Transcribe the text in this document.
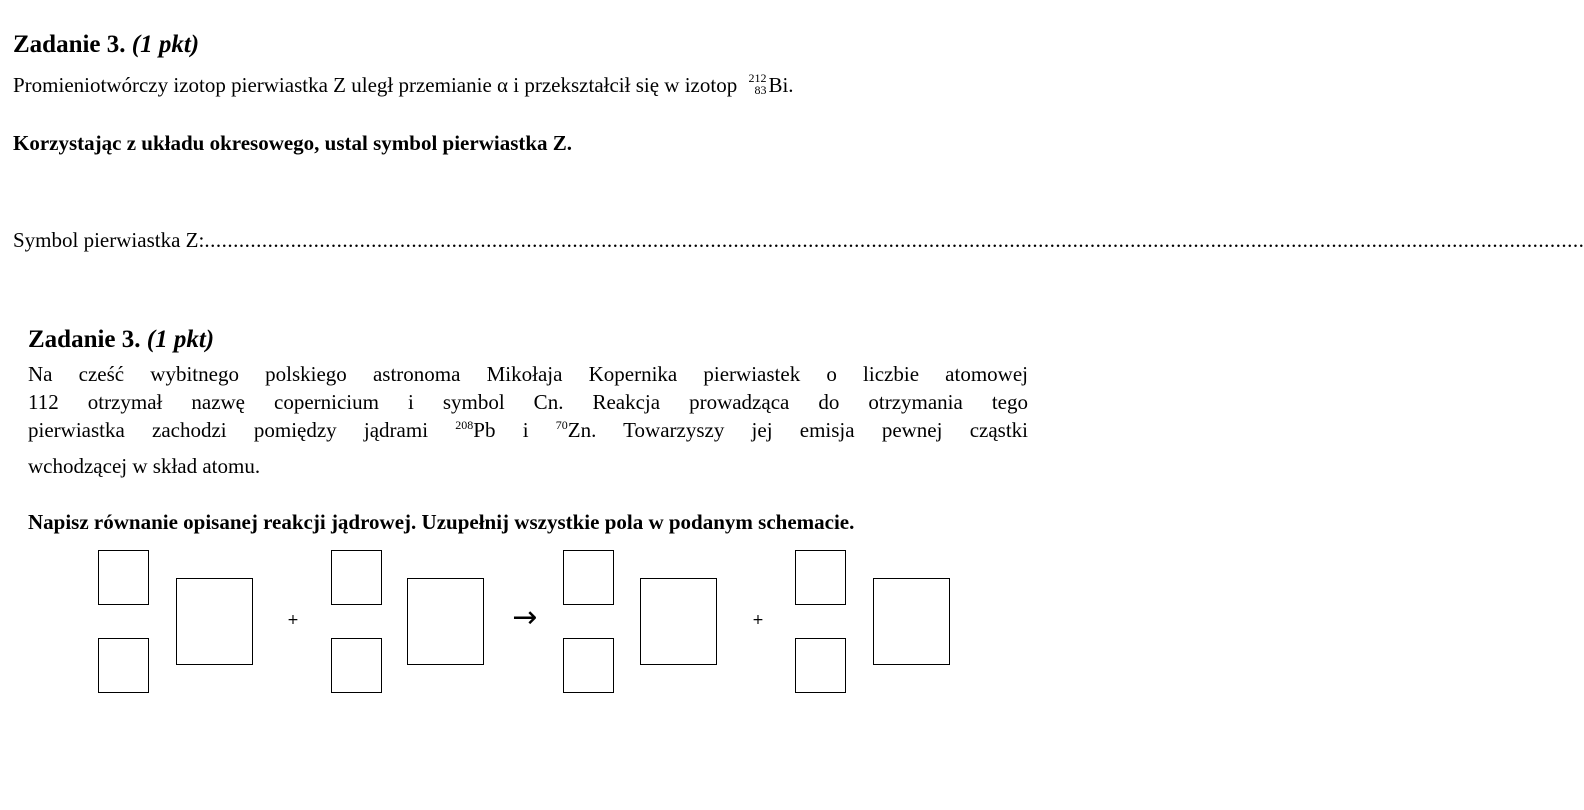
Zadanie 3. (1 pkt)
Promieniotwórczy izotop pierwiastka Z uległ przemianie α i przekształcił się w izotop 212
83 Bi.
Korzystając z układu okresowego, ustal symbol pierwiastka Z.
Symbol pierwiastka Z: ................................................................................................................................................................................................................................................
Zadanie 3. (1 pkt)
Na cześć wybitnego polskiego astronoma Mikołaja Kopernika pierwiastek o liczbie atomowej
112 otrzymał nazwę copernicium i symbol Cn. Reakcja prowadząca do otrzymania tego
pierwiastka zachodzi pomiędzy jądrami $^{208}$Pb i $^{70}$Zn. Towarzyszy jej emisja pewnej cząstki
wchodzącej w skład atomu.
Napisz równanie opisanej reakcji jądrowej. Uzupełnij wszystkie pola w podanym schemacie.
+	→	+
